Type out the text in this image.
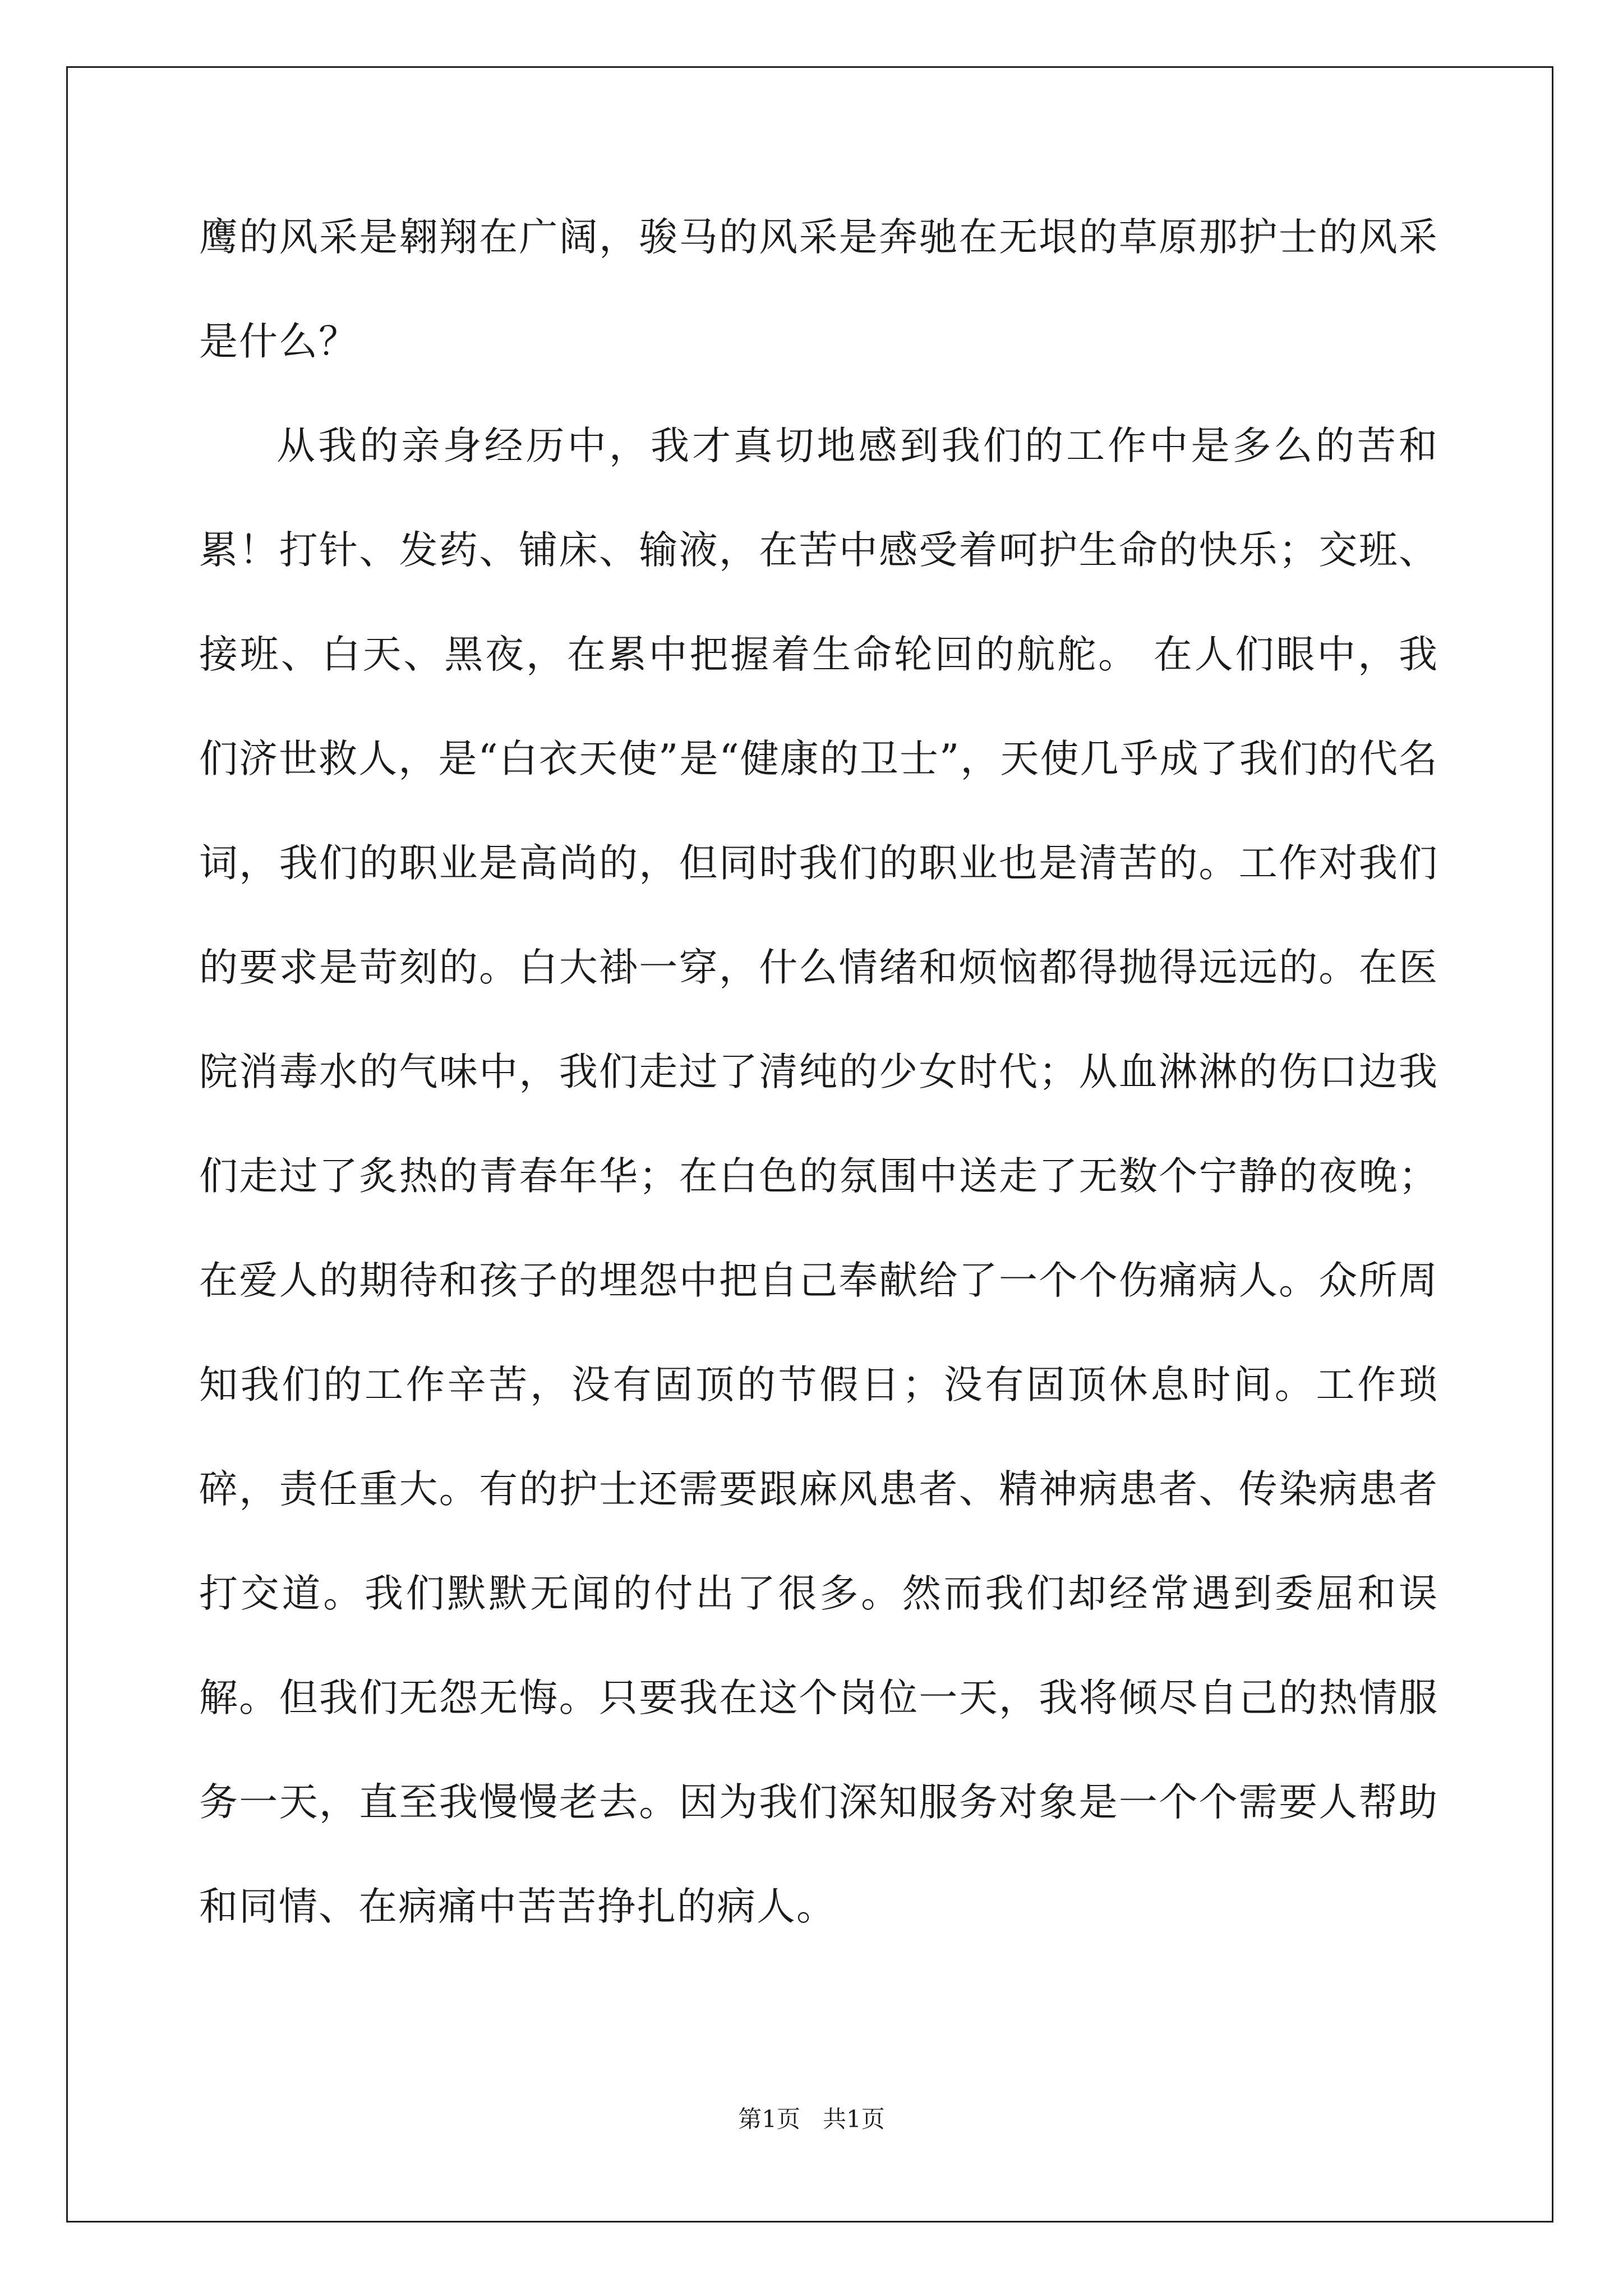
鹰的风采是翱翔在广阔，骏马的风采是奔驰在无垠的草原那护士的风采是什么？

从我的亲身经历中，我才真切地感到我们的工作中是多么的苦和累！打针、发药、铺床、输液，在苦中感受着呵护生命的快乐；交班、接班、白天、黑夜，在累中把握着生命轮回的航舵。 在人们眼中，我们济世救人，是“白衣天使”是“健康的卫士”，天使几乎成了我们的代名词，我们的职业是高尚的，但同时我们的职业也是清苦的。工作对我们的要求是苛刻的。白大褂一穿，什么情绪和烦恼都得抛得远远的。在医院消毒水的气味中，我们走过了清纯的少女时代；从血淋淋的伤口边我们走过了炙热的青春年华；在白色的氛围中送走了无数个宁静的夜晚；在爱人的期待和孩子的埋怨中把自己奉献给了一个个伤痛病人。众所周知我们的工作辛苦，没有固顶的节假日；没有固顶休息时间。工作琐碎，责任重大。有的护士还需要跟麻风患者、精神病患者、传染病患者打交道。我们默默无闻的付出了很多。然而我们却经常遇到委屈和误解。但我们无怨无悔。只要我在这个岗位一天，我将倾尽自己的热情服务一天，直至我慢慢老去。因为我们深知服务对象是一个个需要人帮助和同情、在病痛中苦苦挣扎的病人。

第1页   共1页
